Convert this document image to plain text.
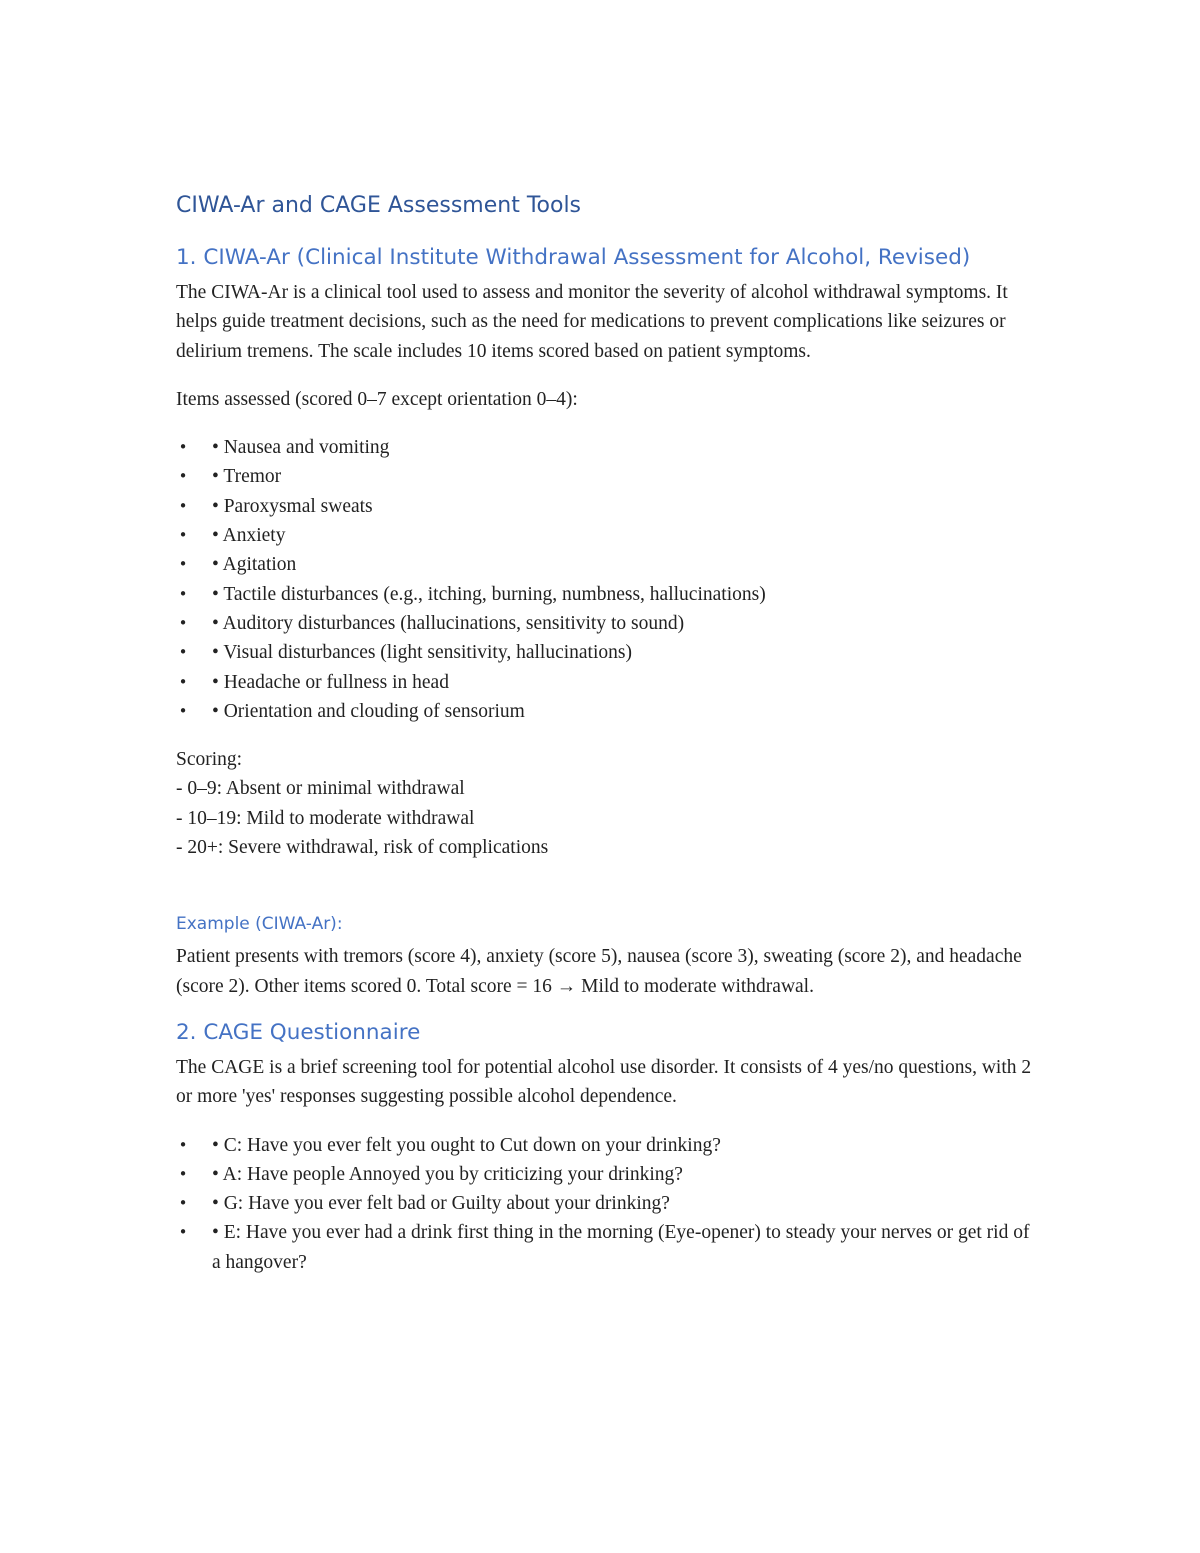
CIWA-Ar and CAGE Assessment Tools
1. CIWA-Ar (Clinical Institute Withdrawal Assessment for Alcohol, Revised)

The CIWA-Ar is a clinical tool used to assess and monitor the severity of alcohol withdrawal symptoms. It helps guide treatment decisions, such as the need for medications to prevent complications like seizures or delirium tremens. The scale includes 10 items scored based on patient symptoms.

Items assessed (scored 0–7 except orientation 0–4):

• • Nausea and vomiting
• • Tremor
• • Paroxysmal sweats
• • Anxiety
• • Agitation
• • Tactile disturbances (e.g., itching, burning, numbness, hallucinations)
• • Auditory disturbances (hallucinations, sensitivity to sound)
• • Visual disturbances (light sensitivity, hallucinations)
• • Headache or fullness in head
• • Orientation and clouding of sensorium

Scoring:

- 0–9: Absent or minimal withdrawal

- 10–19: Mild to moderate withdrawal

- 20+: Severe withdrawal, risk of complications

Example (CIWA-Ar):

Patient presents with tremors (score 4), anxiety (score 5), nausea (score 3), sweating (score 2), and headache (score 2). Other items scored 0. Total score = 16 → Mild to moderate withdrawal.

2. CAGE Questionnaire

The CAGE is a brief screening tool for potential alcohol use disorder. It consists of 4 yes/no questions, with 2 or more 'yes' responses suggesting possible alcohol dependence.

• • C: Have you ever felt you ought to Cut down on your drinking?
• • A: Have people Annoyed you by criticizing your drinking?
• • G: Have you ever felt bad or Guilty about your drinking?
• • E: Have you ever had a drink first thing in the morning (Eye-opener) to steady your nerves or get rid of a hangover?
